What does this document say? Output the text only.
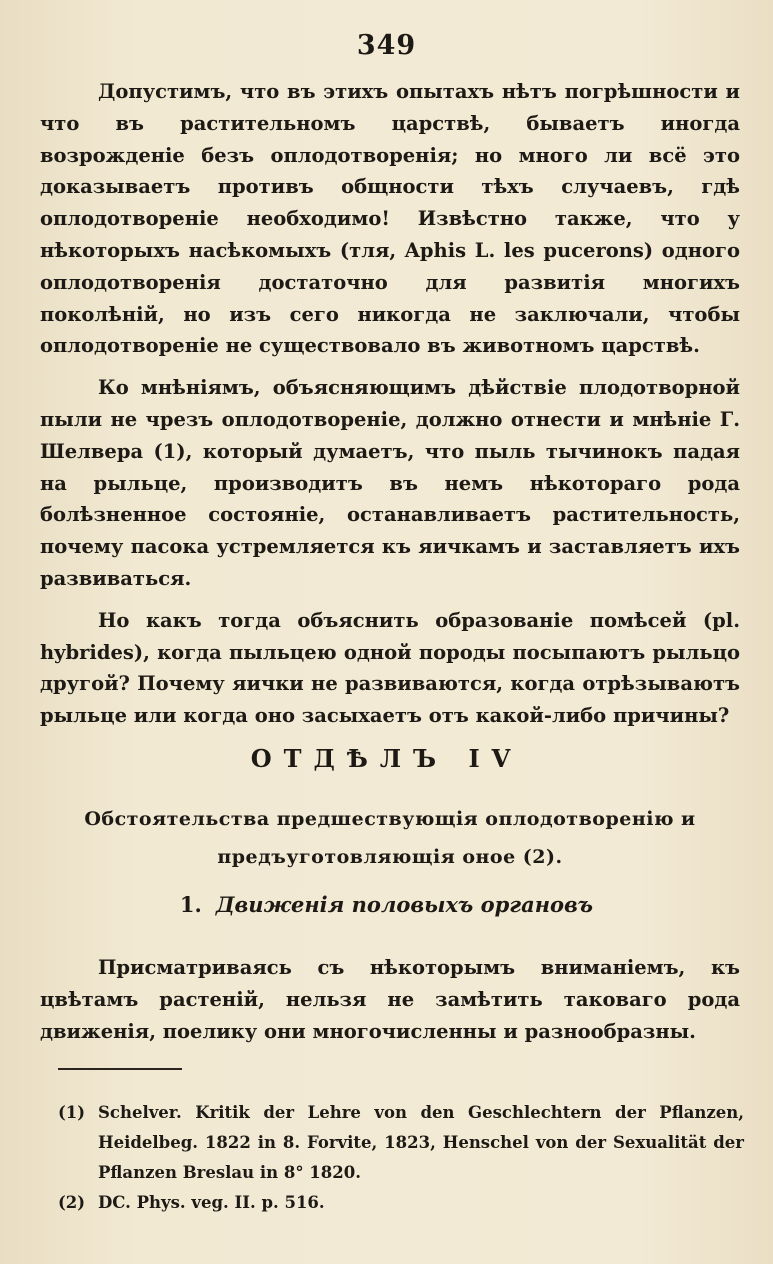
349

Допустимъ, что въ этихъ опытахъ нѣтъ погрѣшности и что въ растительномъ царствѣ, бываетъ иногда возрожденіе безъ оплодотворенія; но много ли всё это доказываетъ противъ общности тѣхъ случаевъ, гдѣ оплодотвореніе необходимо! Извѣстно также, что у нѣкоторыхъ насѣкомыхъ (тля, Aphis L. les pucerons) одного оплодотворенія достаточно для развитія многихъ поколѣній, но изъ сего никогда не заключали, чтобы оплодотвореніе не существовало въ животномъ царствѣ.

Ко мнѣніямъ, объясняющимъ дѣйствіе плодотворной пыли не чрезъ оплодотвореніе, должно отнести и мнѣніе Г. Шелвера (1), который думаетъ, что пыль тычинокъ падая на рыльце, производитъ въ немъ нѣкотораго рода болѣзненное состояніе, останавливаетъ растительность, почему пасока устремляется къ яичкамъ и заставляетъ ихъ развиваться.

Но какъ тогда объяснить образованіе помѣсей (pl. hybrides), когда пыльцею одной породы посыпаютъ рыльцо другой? Почему яички не развиваются, когда отрѣзываютъ рыльце или когда оно засыхаетъ отъ какой-либо причины?

ОТДѢЛЪ IV
Обстоятельства предшествующія оплодотворенію и
предъуготовляющія оное (2).
1. Движенія половыхъ органовъ

Присматриваясь съ нѣкоторымъ вниманіемъ, къ цвѣтамъ растеній, нельзя не замѣтить таковаго рода движенія, поелику они многочисленны и разнообразны.

(1) Schelver. Kritik der Lehre von den Geschlechtern der Pflanzen, Heidelbeg. 1822 in 8. Forvite, 1823, Henschel von der Sexualität der Pflanzen Breslau in 8° 1820.

(2) DC. Phys. veg. II. p. 516.
